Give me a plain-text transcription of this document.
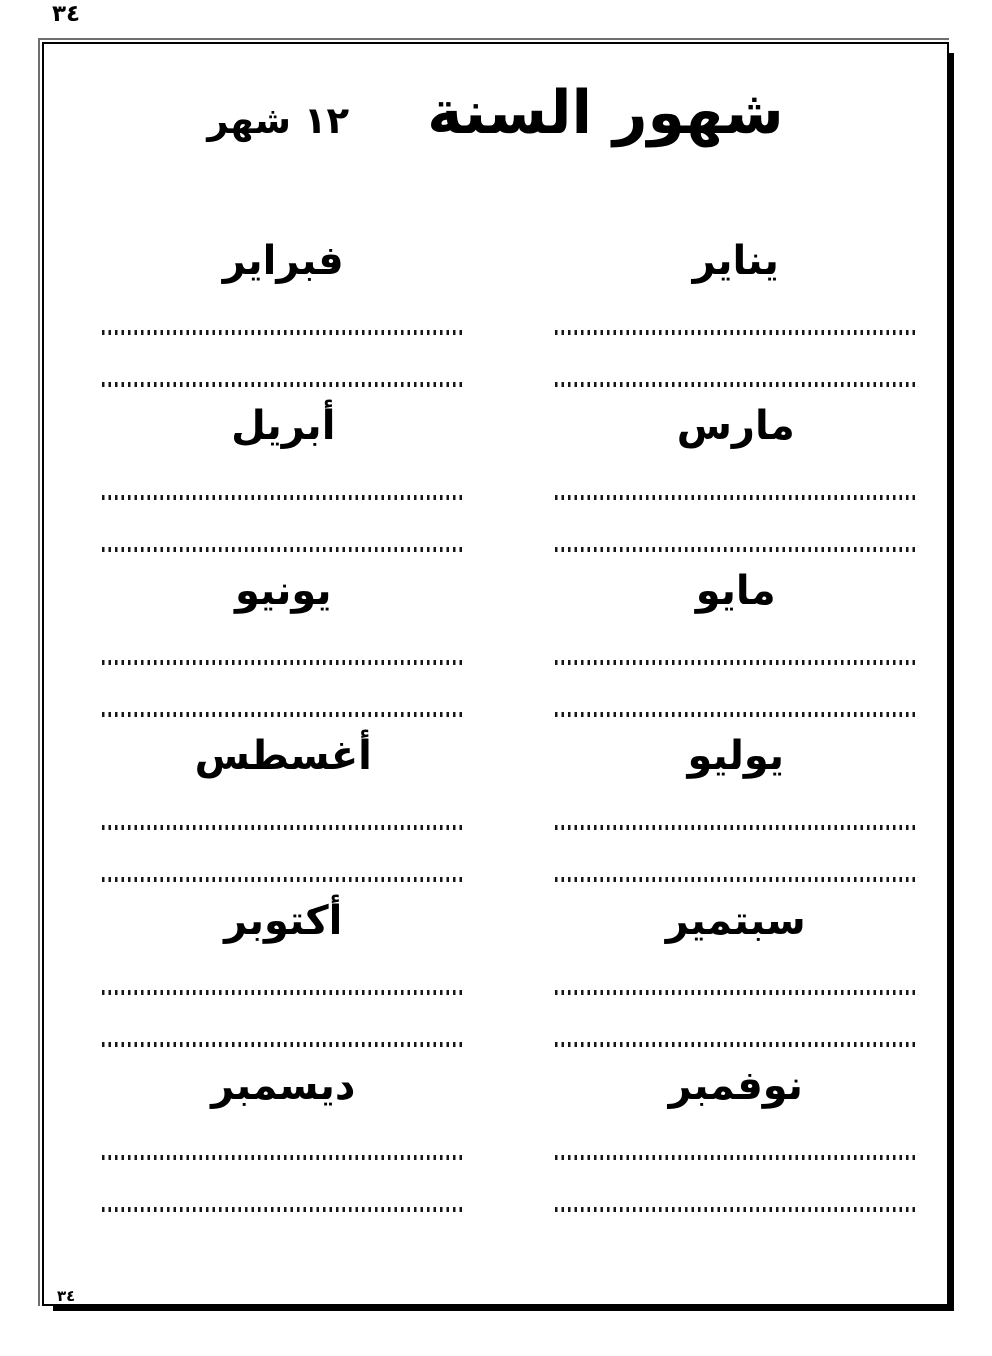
٣٤
شهور السنة
١٢ شهر
يناير
فبراير
مارس
أبريل
مايو
يونيو
يوليو
أغسطس
سبتمير
أكتوبر
نوفمبر
ديسمبر
٣٤
